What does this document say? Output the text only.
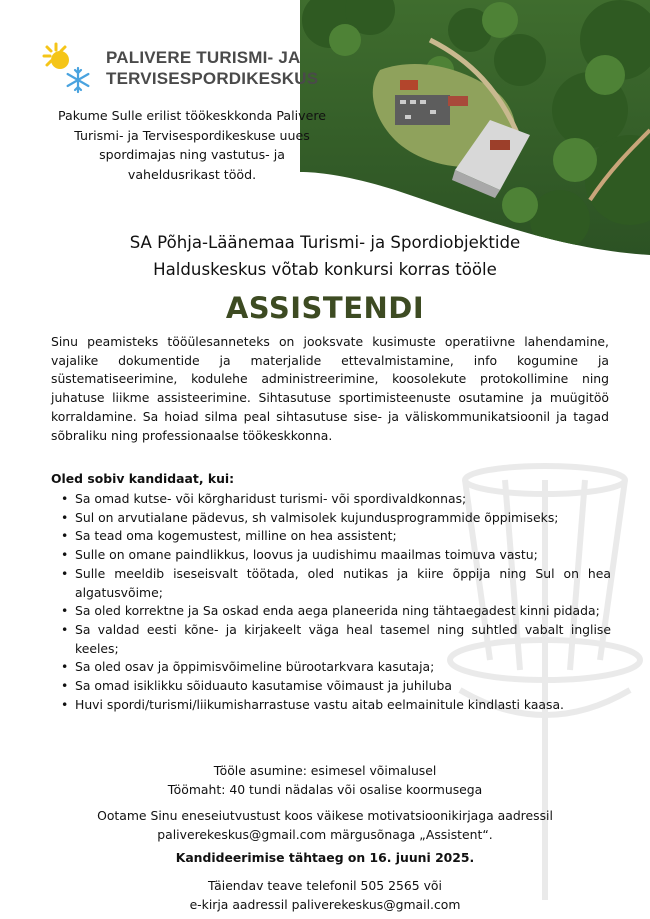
PALIVERE TURISMI- JA
TERVISESPORDIKESKUS
Pakume Sulle erilist töökeskkonda Palivere Turismi- ja Tervisespordikeskuse uues spordimajas ning vastutus- ja vaheldusrikast tööd.
SA Põhja-Läänemaa Turismi- ja Spordiobjektide
Halduskeskus võtab konkursi korras tööle
ASSISTENDI
Sinu peamisteks tööülesanneteks on jooksvate kusimuste operatiivne lahendamine, vajalike dokumentide ja materjalide ettevalmistamine, info kogumine ja süstematiseerimine, kodulehe administreerimine, koosolekute protokollimine ning juhatuse liikme assisteerimine. Sihtasutuse sportimisteenuste osutamine ja muügitöö korraldamine. Sa hoiad silma peal sihtasutuse sise- ja väliskommunikatsioonil ja tagad sõbraliku ning professionaalse töökeskkonna.
Oled sobiv kandidaat, kui:
• Sa omad kutse- või kõrgharidust turismi- või spordivaldkonnas;
• Sul on arvutialane pädevus, sh valmisolek kujundusprogrammide õppimiseks;
• Sa tead oma kogemustest, milline on hea assistent;
• Sulle on omane paindlikkus, loovus ja uudishimu maailmas toimuva vastu;
• Sulle meeldib iseseisvalt töötada, oled nutikas ja kiire õppija ning Sul on hea algatusvõime;
• Sa oled korrektne ja Sa oskad enda aega planeerida ning tähtaegadest kinni pidada;
• Sa valdad eesti kõne- ja kirjakeelt väga heal tasemel ning suhtled vabalt inglise keeles;
• Sa oled osav ja õppimisvõimeline bürootarkvara kasutaja;
• Sa omad isiklikku sõiduauto kasutamise võimaust ja juhiluba
• Huvi spordi/turismi/liikumisharrastuse vastu aitab eelmainitule kindlasti kaasa.
Tööle asumine: esimesel võimalusel
Töömaht: 40 tundi nädalas või osalise koormusega
Ootame Sinu eneseiutvustust koos väikese motivatsioonikirjaga aadressil
paliverekeskus@gmail.com märgusõnaga „Assistent“.
Kandideerimise tähtaeg on 16. juuni 2025.
Täiendav teave telefonil 505 2565 või
e-kirja aadressil paliverekeskus@gmail.com
